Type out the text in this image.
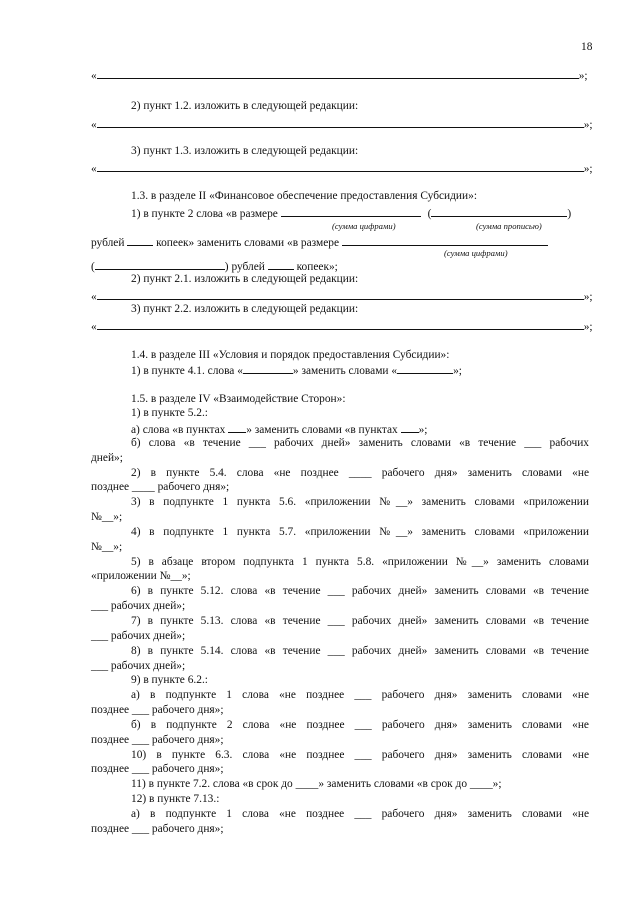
18
«	»;
2) пункт 1.2. изложить в следующей редакции:
«	»;
3) пункт 1.3. изложить в следующей редакции:
«	»;
1.3. в разделе II «Финансовое обеспечение предоставления Субсидии»:
1) в пункте 2 слова «в размере	(	)
(сумма цифрами)	(сумма прописью)
рублей	копеек» заменить словами «в размере
(сумма цифрами)
(	) рублей	копеек»;
2) пункт 2.1. изложить в следующей редакции:
«	»;
3) пункт 2.2. изложить в следующей редакции:
«	»;
1.4. в разделе III «Условия и порядок предоставления Субсидии»:
1) в пункте 4.1. слова «	» заменить словами «	»;
1.5. в разделе IV «Взаимодействие Сторон»:
1) в пункте 5.2.:
а) слова «в пунктах » заменить словами «в пунктах »;
б) слова «в течение ___ рабочих дней» заменить словами «в течение ___ рабочих
дней»;
2) в пункте 5.4. слова «не позднее ____ рабочего дня» заменить словами «не
позднее ____ рабочего дня»;
3) в подпункте 1 пункта 5.6. «приложении №__» заменить словами «приложении
№__»;
4) в подпункте 1 пункта 5.7. «приложении №__» заменить словами «приложении
№__»;
5) в абзаце втором подпункта 1 пункта 5.8. «приложении №__» заменить словами
«приложении №__»;
6) в пункте 5.12. слова «в течение ___ рабочих дней» заменить словами «в течение
___ рабочих дней»;
7) в пункте 5.13. слова «в течение ___ рабочих дней» заменить словами «в течение
___ рабочих дней»;
8) в пункте 5.14. слова «в течение ___ рабочих дней» заменить словами «в течение
___ рабочих дней»;
9) в пункте 6.2.:
а) в подпункте 1 слова «не позднее ___ рабочего дня» заменить словами «не
позднее ___ рабочего дня»;
б) в подпункте 2 слова «не позднее ___ рабочего дня» заменить словами «не
позднее ___ рабочего дня»;
10) в пункте 6.3. слова «не позднее ___ рабочего дня» заменить словами «не
позднее ___ рабочего дня»;
11) в пункте 7.2. слова «в срок до ____» заменить словами «в срок до ____»;
12) в пункте 7.13.:
а) в подпункте 1 слова «не позднее ___ рабочего дня» заменить словами «не
позднее ___ рабочего дня»;
